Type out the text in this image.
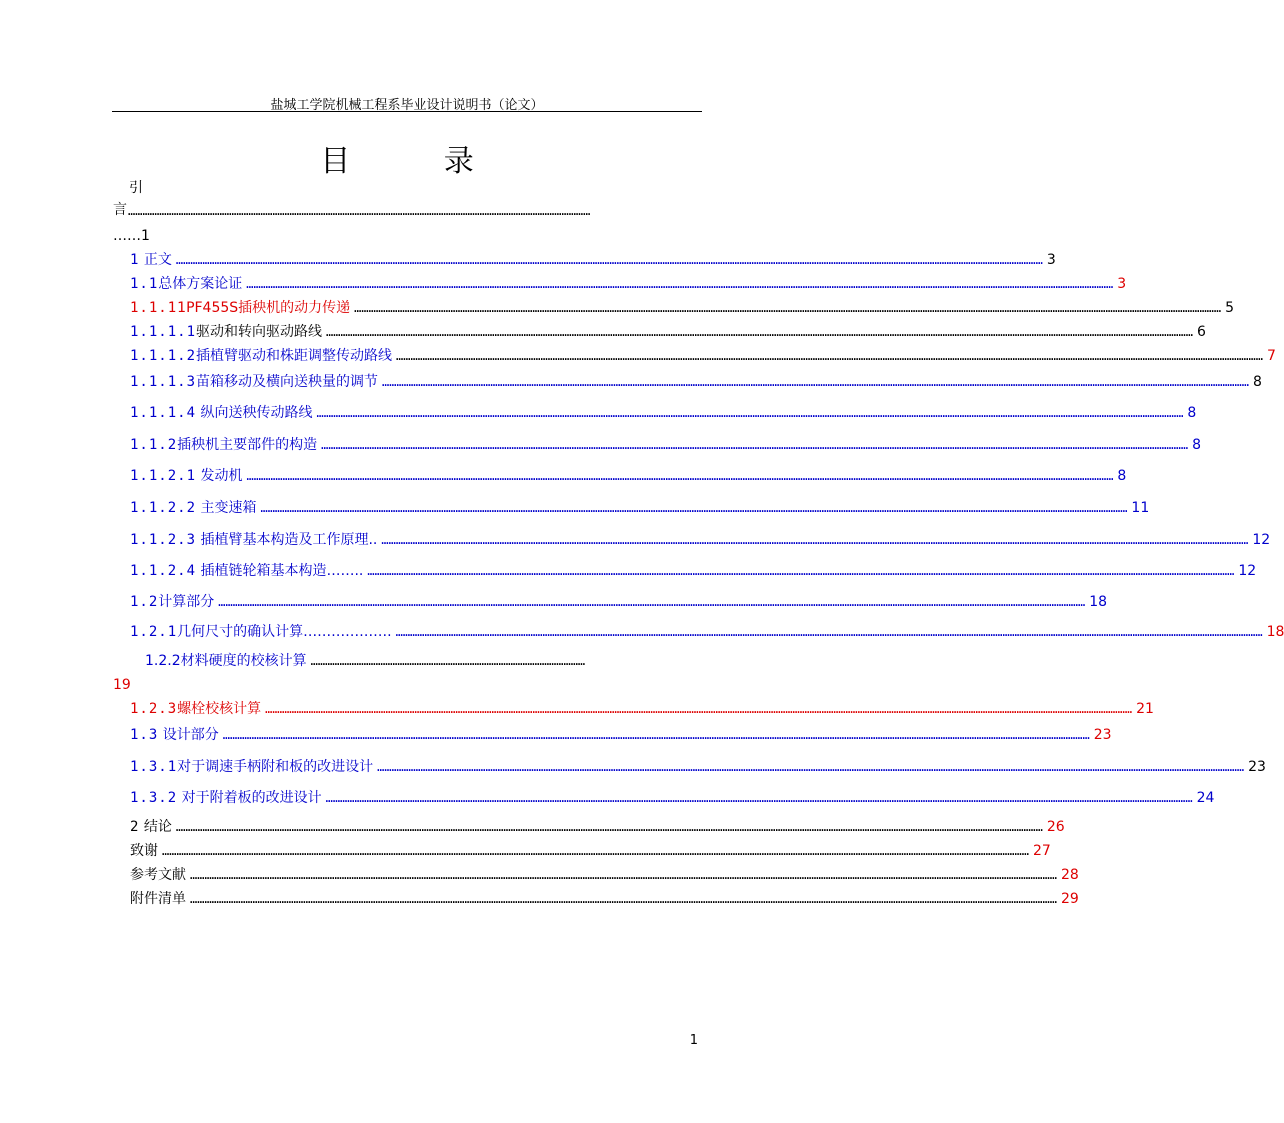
盐城工学院机械工程系毕业设计说明书（论文）
目 录
引
言 …………………………………………………………………………………………………………………………………………………………………………
……1
1 正文 ……………………………………………………………………………………………………………………………………………………………………………………………………………………………………………………………………………………………………………………………… 3
1.1总体方案论证 ……………………………………………………………………………………………………………………………………………………………………………………………………………………………………………………………………………………………………………………………… 3
1.1.11PF455S插秧机的动力传递 ……………………………………………………………………………………………………………………………………………………………………………………………………………………………………………………………………………………………………………………………… 5
1.1.1.1驱动和转向驱动路线 ……………………………………………………………………………………………………………………………………………………………………………………………………………………………………………………………………………………………………………………………… 6
1.1.1.2插植臂驱动和株距调整传动路线 ……………………………………………………………………………………………………………………………………………………………………………………………………………………………………………………………………………………………………………………………… 7
1.1.1.3苗箱移动及横向送秧量的调节 ……………………………………………………………………………………………………………………………………………………………………………………………………………………………………………………………………………………………………………………………… 8
1.1.1.4 纵向送秧传动路线 ……………………………………………………………………………………………………………………………………………………………………………………………………………………………………………………………………………………………………………………………… 8
1.1.2插秧机主要部件的构造 ……………………………………………………………………………………………………………………………………………………………………………………………………………………………………………………………………………………………………………………………… 8
1.1.2.1 发动机 ……………………………………………………………………………………………………………………………………………………………………………………………………………………………………………………………………………………………………………………………… 8
1.1.2.2 主变速箱 ……………………………………………………………………………………………………………………………………………………………………………………………………………………………………………………………………………………………………………………………… 11
1.1.2.3 插植臂基本构造及工作原理.. ……………………………………………………………………………………………………………………………………………………………………………………………………………………………………………………………………………………………………………………………… 12
1.1.2.4 插植链轮箱基本构造…….. ……………………………………………………………………………………………………………………………………………………………………………………………………………………………………………………………………………………………………………………………… 12
1.2计算部分 ……………………………………………………………………………………………………………………………………………………………………………………………………………………………………………………………………………………………………………………………… 18
1.2.1几何尺寸的确认计算………………. ……………………………………………………………………………………………………………………………………………………………………………………………………………………………………………………………………………………………………………………………… 18
1.2.3螺栓校核计算 ……………………………………………………………………………………………………………………………………………………………………………………………………………………………………………………………………………………………………………………………… 21
1.3 设计部分 ……………………………………………………………………………………………………………………………………………………………………………………………………………………………………………………………………………………………………………………………… 23
1.3.1对于调速手柄附和板的改进设计 ……………………………………………………………………………………………………………………………………………………………………………………………………………………………………………………………………………………………………………………………… 23
1.3.2 对于附着板的改进设计 ……………………………………………………………………………………………………………………………………………………………………………………………………………………………………………………………………………………………………………………………… 24
2 结论 ……………………………………………………………………………………………………………………………………………………………………………………………………………………………………………………………………………………………………………………………… 26
致谢 ……………………………………………………………………………………………………………………………………………………………………………………………………………………………………………………………………………………………………………………………… 27
参考文献 ……………………………………………………………………………………………………………………………………………………………………………………………………………………………………………………………………………………………………………………………… 28
附件清单 ……………………………………………………………………………………………………………………………………………………………………………………………………………………………………………………………………………………………………………………………… 29
1.2.2材料硬度的校核计算 ……………………………………………………………………………………………………
19
1
